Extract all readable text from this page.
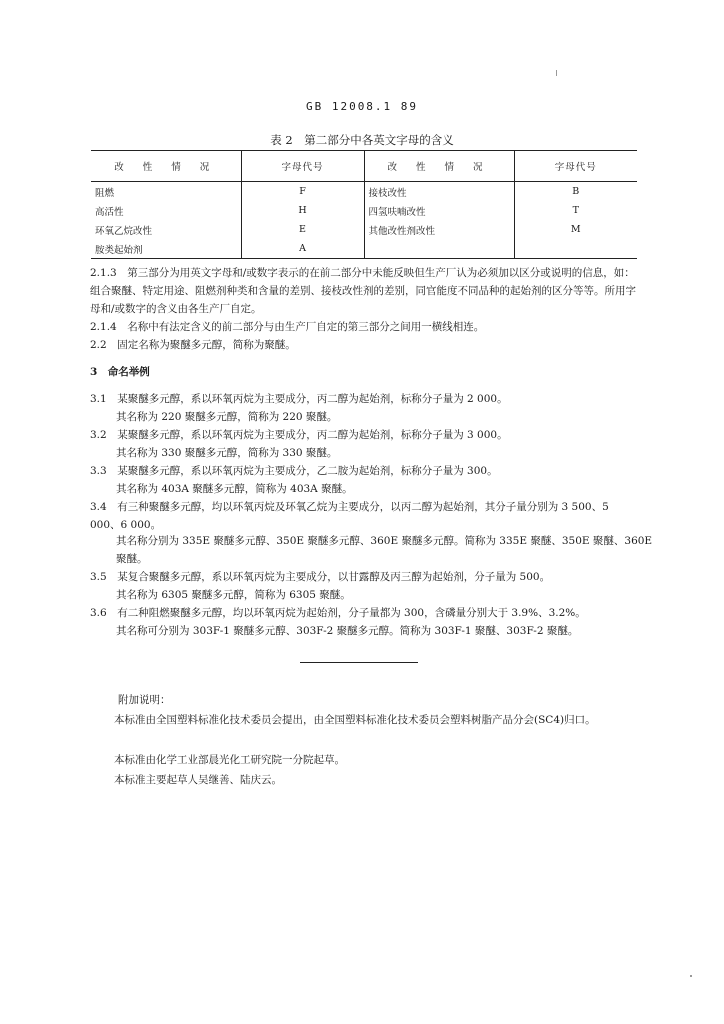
GB 12008.1 89
表 2　第二部分中各英文字母的含义
改 性 情 况	字母代号	改 性 情 况	字母代号
阻燃	F	接枝改性	B
高活性	H	四氢呋喃改性	T
环氧乙烷改性	E	其他改性剂改性	M
胺类起始剂	A		

2.1.3　第三部分为用英文字母和/或数字表示的在前二部分中未能反映但生产厂认为必须加以区分或说明的信息，如：组合聚醚、特定用途、阻燃剂种类和含量的差别、接枝改性剂的差别，同官能度不同品种的起始剂的区分等等。所用字母和/或数字的含义由各生产厂自定。

2.1.4　名称中有法定含义的前二部分与由生产厂自定的第三部分之间用一横线相连。

2.2　固定名称为聚醚多元醇，简称为聚醚。

3　命名举例

3.1　某聚醚多元醇，系以环氧丙烷为主要成分，丙二醇为起始剂，标称分子量为 2 000。

其名称为 220 聚醚多元醇，简称为 220 聚醚。

3.2　某聚醚多元醇，系以环氧丙烷为主要成分，丙二醇为起始剂，标称分子量为 3 000。

其名称为 330 聚醚多元醇，简称为 330 聚醚。

3.3　某聚醚多元醇，系以环氧丙烷为主要成分，乙二胺为起始剂，标称分子量为 300。

其名称为 403A 聚醚多元醇，简称为 403A 聚醚。

3.4　有三种聚醚多元醇，均以环氧丙烷及环氧乙烷为主要成分，以丙二醇为起始剂，其分子量分别为 3 500、5 000、6 000。

其名称分别为 335E 聚醚多元醇、350E 聚醚多元醇、360E 聚醚多元醇。简称为 335E 聚醚、350E 聚醚、360E 聚醚。

3.5　某复合聚醚多元醇，系以环氧丙烷为主要成分，以甘露醇及丙三醇为起始剂，分子量为 500。

其名称为 6305 聚醚多元醇，简称为 6305 聚醚。

3.6　有二种阻燃聚醚多元醇，均以环氧丙烷为起始剂，分子量都为 300，含磷量分别大于 3.9%、3.2%。

其名称可分别为 303F-1 聚醚多元醇、303F-2 聚醚多元醇。简称为 303F-1 聚醚、303F-2 聚醚。

附加说明：

本标准由全国塑料标准化技术委员会提出，由全国塑料标准化技术委员会塑料树脂产品分会(SC4)归口。

本标准由化学工业部晨光化工研究院一分院起草。

本标准主要起草人吴继善、陆庆云。
